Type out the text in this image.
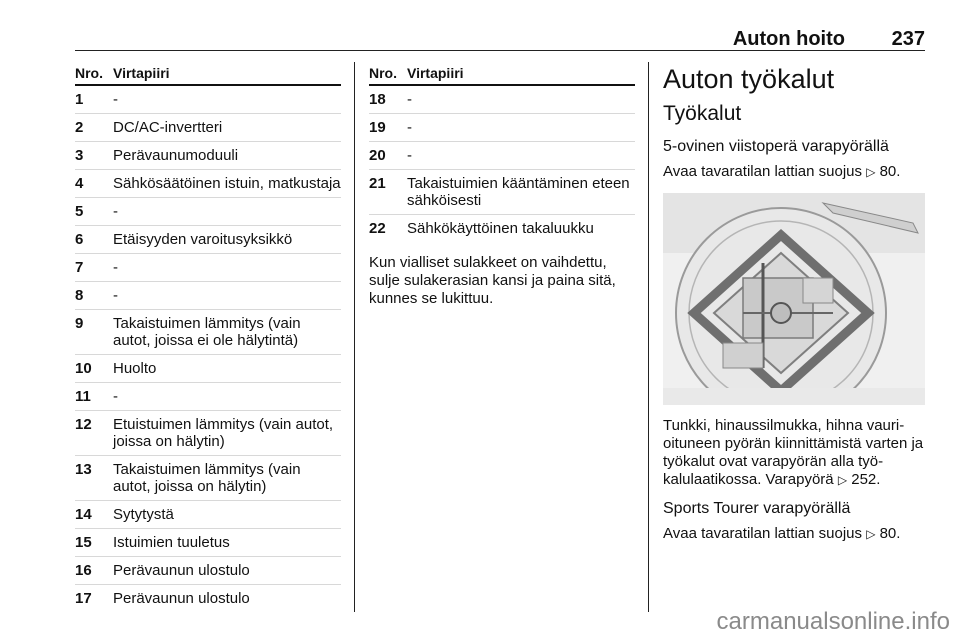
Auton hoito 237
Nro. Virtapiiri
1	-
2	DC/AC-invertteri
3	Perävaunumoduuli
4	Sähkösäätöinen istuin, matkustaja
5	-
6	Etäisyyden varoitusyksikkö
7	-
8	-
9	Takaistuimen lämmitys (vain autot, joissa ei ole hälytintä)
10	Huolto
11	-
12	Etuistuimen lämmitys (vain autot, joissa on hälytin)
13	Takaistuimen lämmitys (vain autot, joissa on hälytin)
14	Sytytystä
15	Istuimien tuuletus
16	Perävaunun ulostulo
17	Perävaunun ulostulo
Nro. Virtapiiri
18	-
19	-
20	-
21	Takaistuimien kääntäminen eteen sähköisesti
22	Sähkökäyttöinen takaluukku
Kun vialliset sulakkeet on vaihdettu, sulje sulakerasian kansi ja paina sitä, kunnes se lukittuu.
Auton työkalut
Työkalut
5-ovinen viistoperä varapyörällä
Avaa tavaratilan lattian suojus ▷ 80.
Tunkki, hinaussilmukka, hihna vaurioituneen pyörän kiinnittämistä varten ja työkalut ovat varapyörän alla työkalulaatikossa. Varapyörä ▷ 252.
Sports Tourer varapyörällä
Avaa tavaratilan lattian suojus ▷ 80.
carmanualsonline.info
